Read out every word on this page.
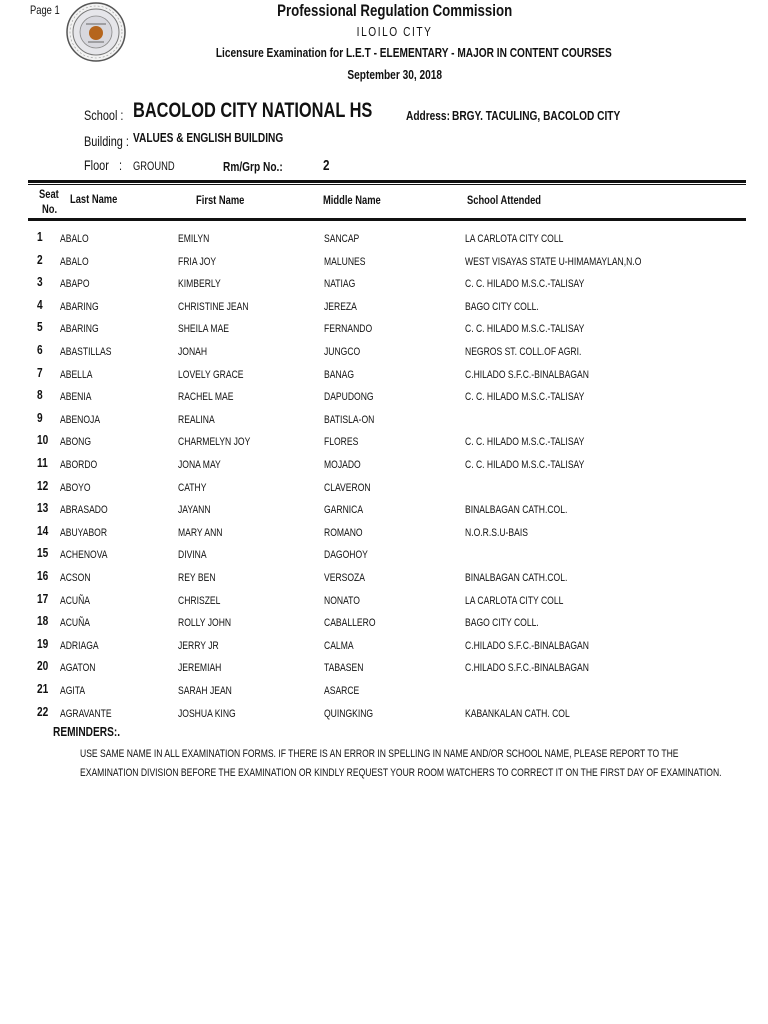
Page 1	Professional Regulation Commission
ILOILO CITY
Licensure Examination for L.E.T - ELEMENTARY - MAJOR IN CONTENT COURSES
September 30, 2018
School : BACOLOD CITY NATIONAL HS	Address: BRGY. TACULING, BACOLOD CITY
Building : VALUES & ENGLISH BUILDING
Floor : GROUND	Rm/Grp No.:	2
Seat
No.
Last Name	First Name	Middle Name	School Attended
1 ABALO	EMILYN	SANCAP	LA CARLOTA CITY COLL
2 ABALO	FRIA JOY	MALUNES	WEST VISAYAS STATE U-HIMAMAYLAN,N.O
3 ABAPO	KIMBERLY	NATIAG	C. C. HILADO M.S.C.-TALISAY
4 ABARING	CHRISTINE JEAN	JEREZA	BAGO CITY COLL.
5 ABARING	SHEILA MAE	FERNANDO	C. C. HILADO M.S.C.-TALISAY
6 ABASTILLAS	JONAH	JUNGCO	NEGROS ST. COLL.OF AGRI.
7 ABELLA	LOVELY GRACE	BANAG	C.HILADO S.F.C.-BINALBAGAN
8 ABENIA	RACHEL MAE	DAPUDONG	C. C. HILADO M.S.C.-TALISAY
9 ABENOJA	REALINA	BATISLA-ON
10 ABONG	CHARMELYN JOY	FLORES	C. C. HILADO M.S.C.-TALISAY
11 ABORDO	JONA MAY	MOJADO	C. C. HILADO M.S.C.-TALISAY
12 ABOYO	CATHY	CLAVERON
13 ABRASADO	JAYANN	GARNICA	BINALBAGAN CATH.COL.
14 ABUYABOR	MARY ANN	ROMANO	N.O.R.S.U-BAIS
15 ACHENOVA	DIVINA	DAGOHOY
16 ACSON	REY BEN	VERSOZA	BINALBAGAN CATH.COL.
17 ACUÑA	CHRISZEL	NONATO	LA CARLOTA CITY COLL
18 ACUÑA	ROLLY JOHN	CABALLERO	BAGO CITY COLL.
19 ADRIAGA	JERRY JR	CALMA	C.HILADO S.F.C.-BINALBAGAN
20 AGATON	JEREMIAH	TABASEN	C.HILADO S.F.C.-BINALBAGAN
21 AGITA	SARAH JEAN	ASARCE
22 AGRAVANTE	JOSHUA KING	QUINGKING	KABANKALAN CATH. COL
REMINDERS:.
USE SAME NAME IN ALL EXAMINATION FORMS. IF THERE IS AN ERROR IN SPELLING IN NAME AND/OR SCHOOL NAME, PLEASE REPORT TO THE
EXAMINATION DIVISION BEFORE THE EXAMINATION OR KINDLY REQUEST YOUR ROOM WATCHERS TO CORRECT IT ON THE FIRST DAY OF EXAMINATION.
